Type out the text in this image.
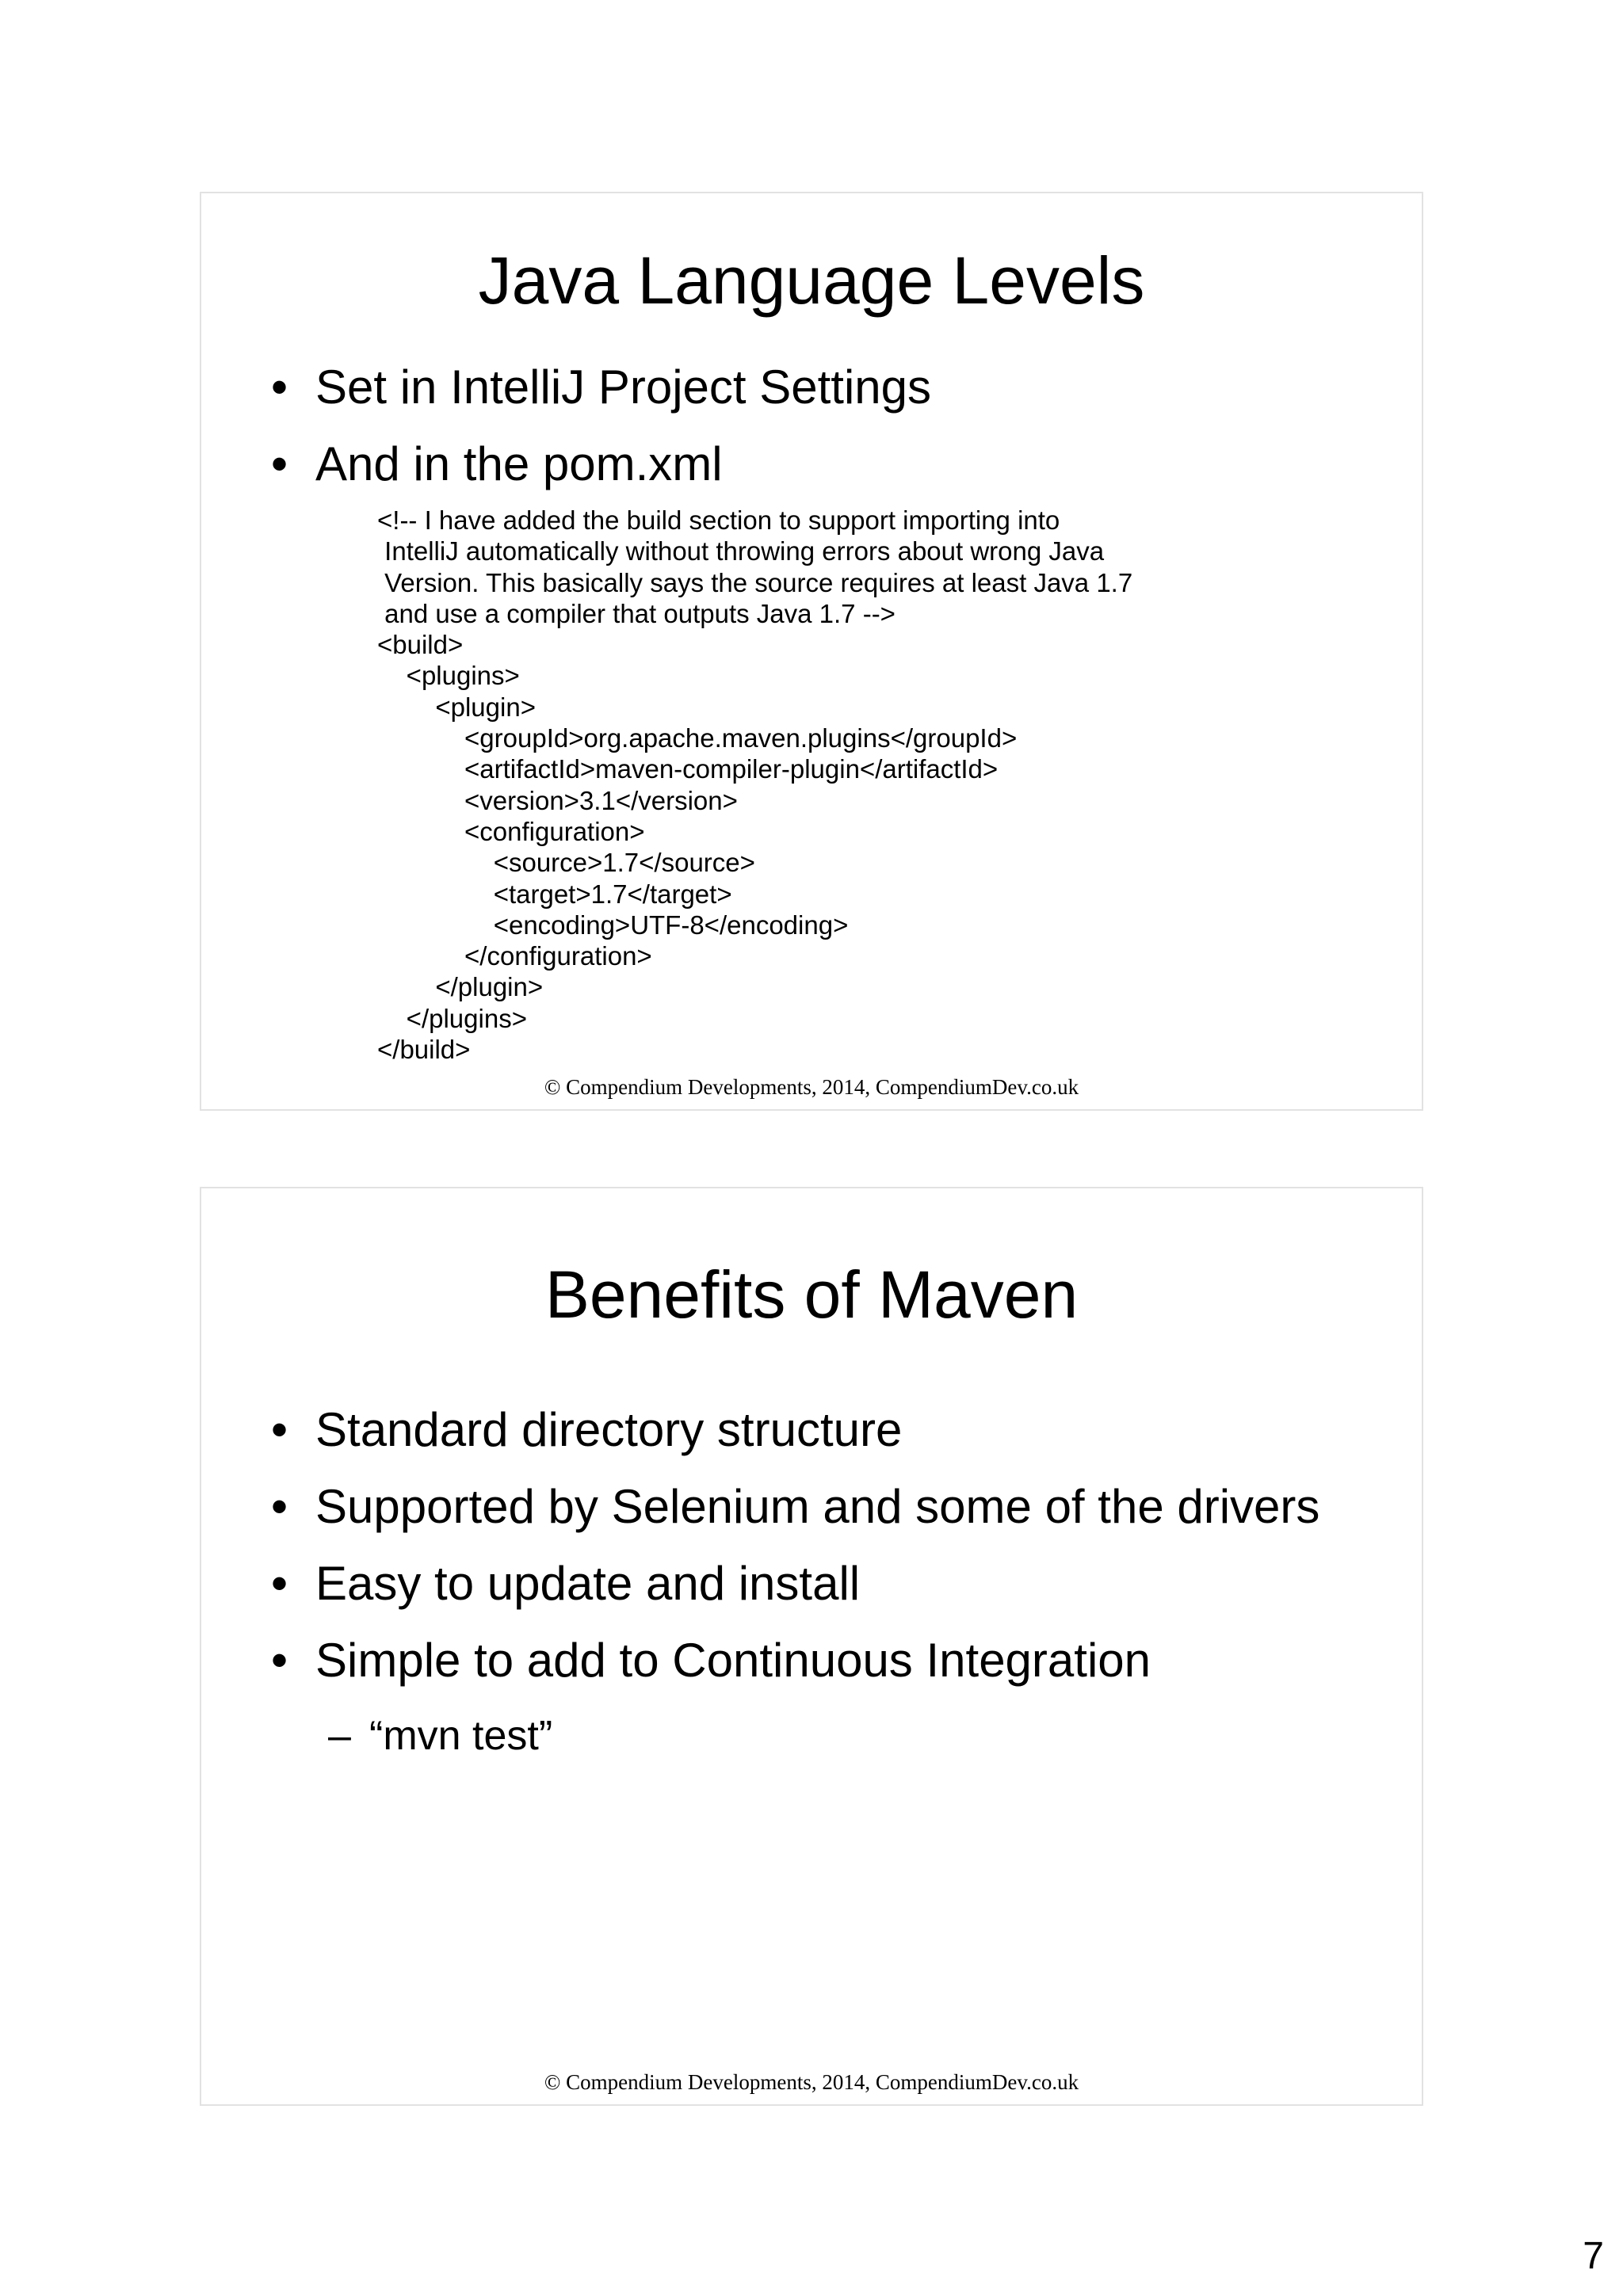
Java Language Levels
• Set in IntelliJ Project Settings
• And in the pom.xml
<!-- I have added the build section to support importing into
IntelliJ automatically without throwing errors about wrong Java
Version. This basically says the source requires at least Java 1.7
and use a compiler that outputs Java 1.7 -->
<build>
<plugins>
<plugin>
<groupId>org.apache.maven.plugins</groupId>
<artifactId>maven-compiler-plugin</artifactId>
<version>3.1</version>
<configuration>
<source>1.7</source>
<target>1.7</target>
<encoding>UTF-8</encoding>
</configuration>
</plugin>
</plugins>
</build>
© Compendium Developments, 2014, CompendiumDev.co.uk
Benefits of Maven
• Standard directory structure
• Supported by Selenium and some of the drivers
• Easy to update and install
• Simple to add to Continuous Integration
– “mvn test”
© Compendium Developments, 2014, CompendiumDev.co.uk
7
